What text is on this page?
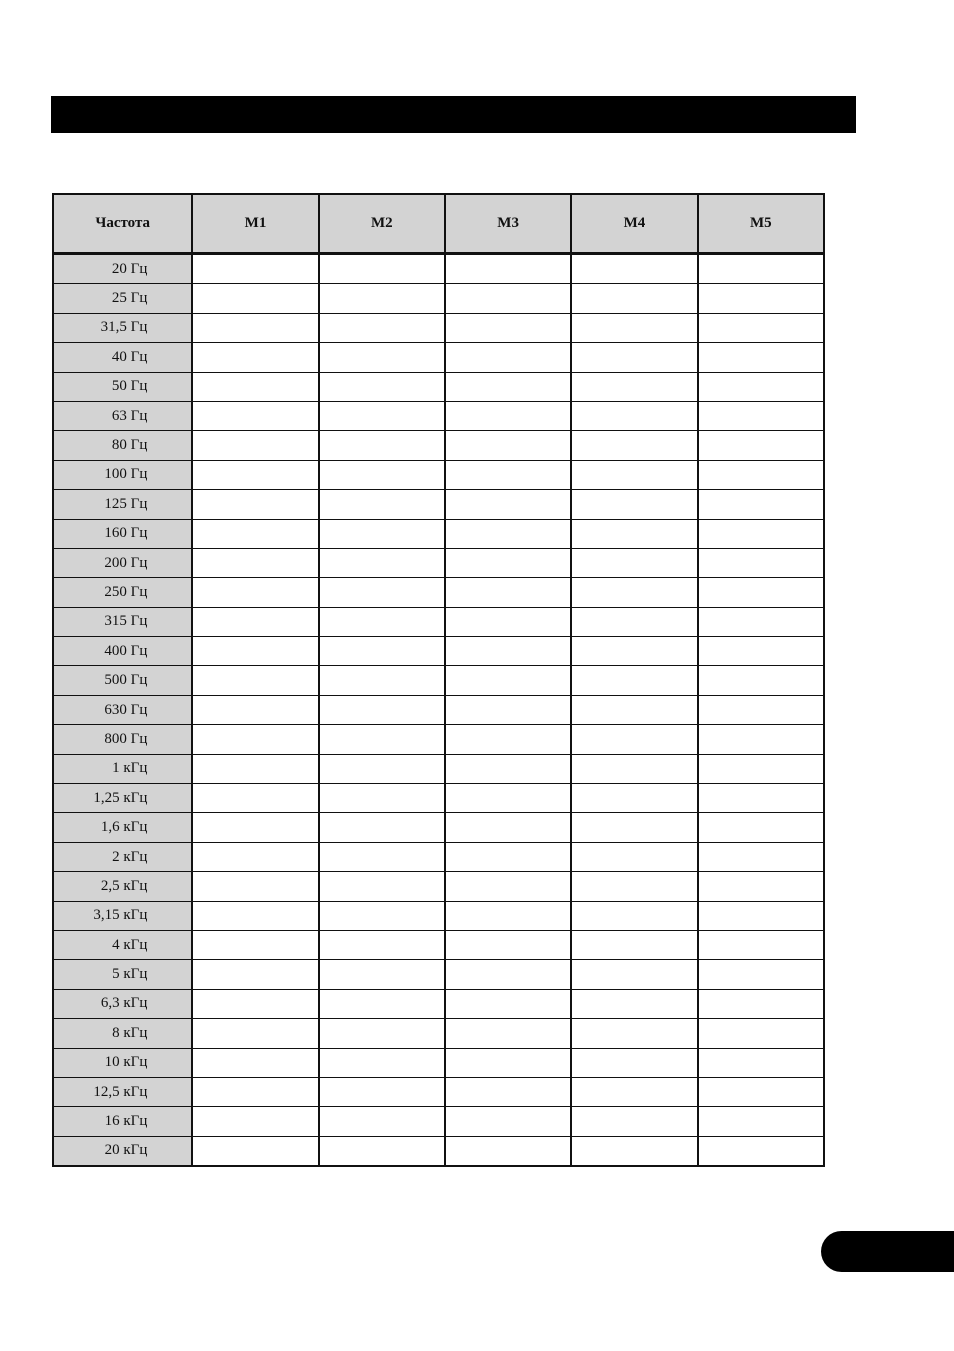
Частота	M1	M2	M3	M4	M5
20 Гц					
25 Гц					
31,5 Гц					
40 Гц					
50 Гц					
63 Гц					
80 Гц					
100 Гц					
125 Гц					
160 Гц					
200 Гц					
250 Гц					
315 Гц					
400 Гц					
500 Гц					
630 Гц					
800 Гц					
1 кГц					
1,25 кГц					
1,6 кГц					
2 кГц					
2,5 кГц					
3,15 кГц					
4 кГц					
5 кГц					
6,3 кГц					
8 кГц					
10 кГц					
12,5 кГц					
16 кГц					
20 кГц					
